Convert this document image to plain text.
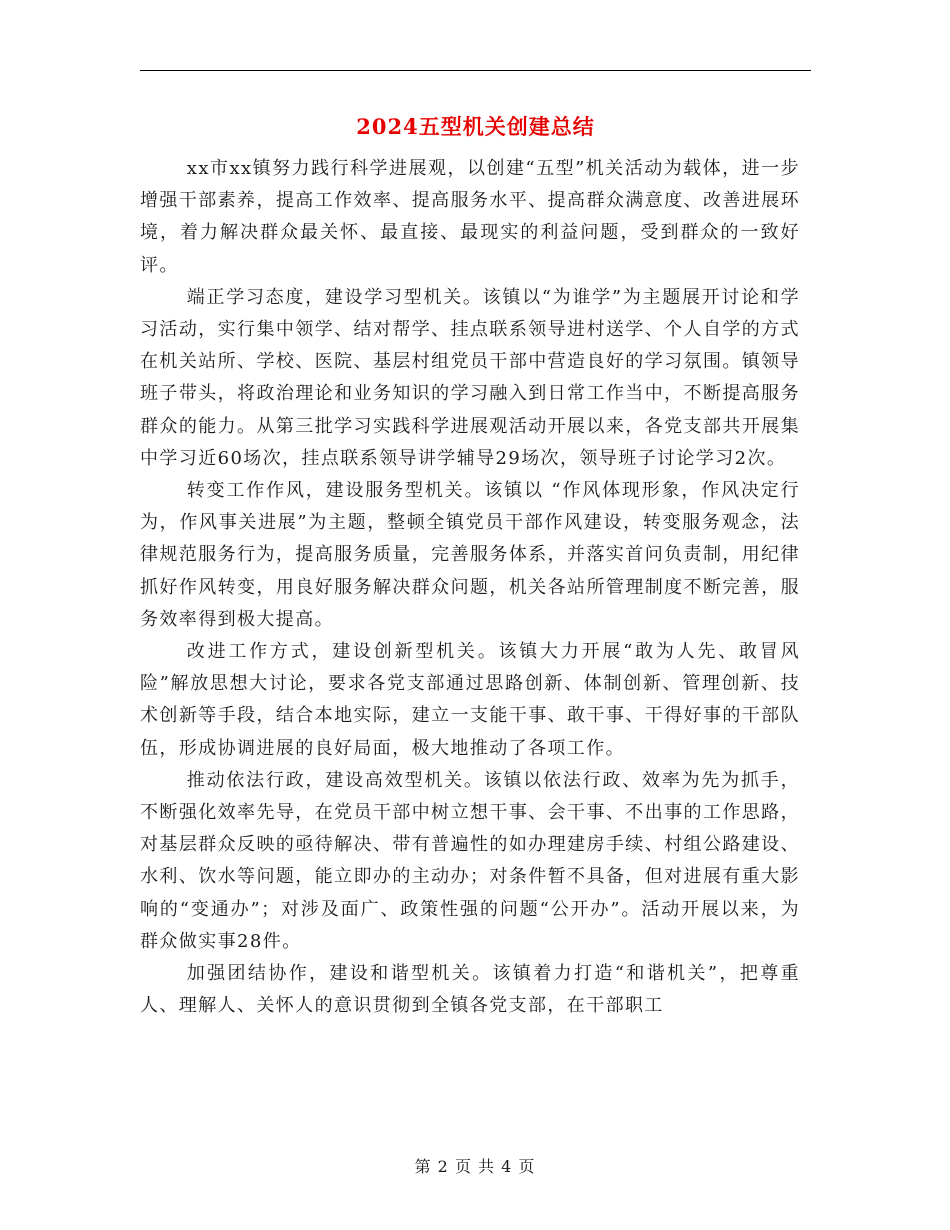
2024五型机关创建总结

xx市xx镇努力践行科学进展观，以创建“五型”机关活动为载体，进一步增强干部素养，提高工作效率、提高服务水平、提高群众满意度、改善进展环境，着力解决群众最关怀、最直接、最现实的利益问题，受到群众的一致好评。

端正学习态度，建设学习型机关。该镇以“为谁学”为主题展开讨论和学习活动，实行集中领学、结对帮学、挂点联系领导进村送学、个人自学的方式在机关站所、学校、医院、基层村组党员干部中营造良好的学习氛围。镇领导班子带头，将政治理论和业务知识的学习融入到日常工作当中，不断提高服务群众的能力。从第三批学习实践科学进展观活动开展以来，各党支部共开展集中学习近60场次，挂点联系领导讲学辅导29场次，领导班子讨论学习2次。

转变工作作风，建设服务型机关。该镇以 “作风体现形象，作风决定行为，作风事关进展”为主题，整顿全镇党员干部作风建设，转变服务观念，法律规范服务行为，提高服务质量，完善服务体系，并落实首问负责制，用纪律抓好作风转变，用良好服务解决群众问题，机关各站所管理制度不断完善，服务效率得到极大提高。

改进工作方式，建设创新型机关。该镇大力开展“敢为人先、敢冒风险”解放思想大讨论，要求各党支部通过思路创新、体制创新、管理创新、技术创新等手段，结合本地实际，建立一支能干事、敢干事、干得好事的干部队伍，形成协调进展的良好局面，极大地推动了各项工作。

推动依法行政，建设高效型机关。该镇以依法行政、效率为先为抓手，不断强化效率先导，在党员干部中树立想干事、会干事、不出事的工作思路，对基层群众反映的亟待解决、带有普遍性的如办理建房手续、村组公路建设、水利、饮水等问题，能立即办的主动办；对条件暂不具备，但对进展有重大影响的“变通办”；对涉及面广、政策性强的问题“公开办”。活动开展以来，为群众做实事28件。

加强团结协作，建设和谐型机关。该镇着力打造“和谐机关”，把尊重人、理解人、关怀人的意识贯彻到全镇各党支部，在干部职工

第 2 页 共 4 页
